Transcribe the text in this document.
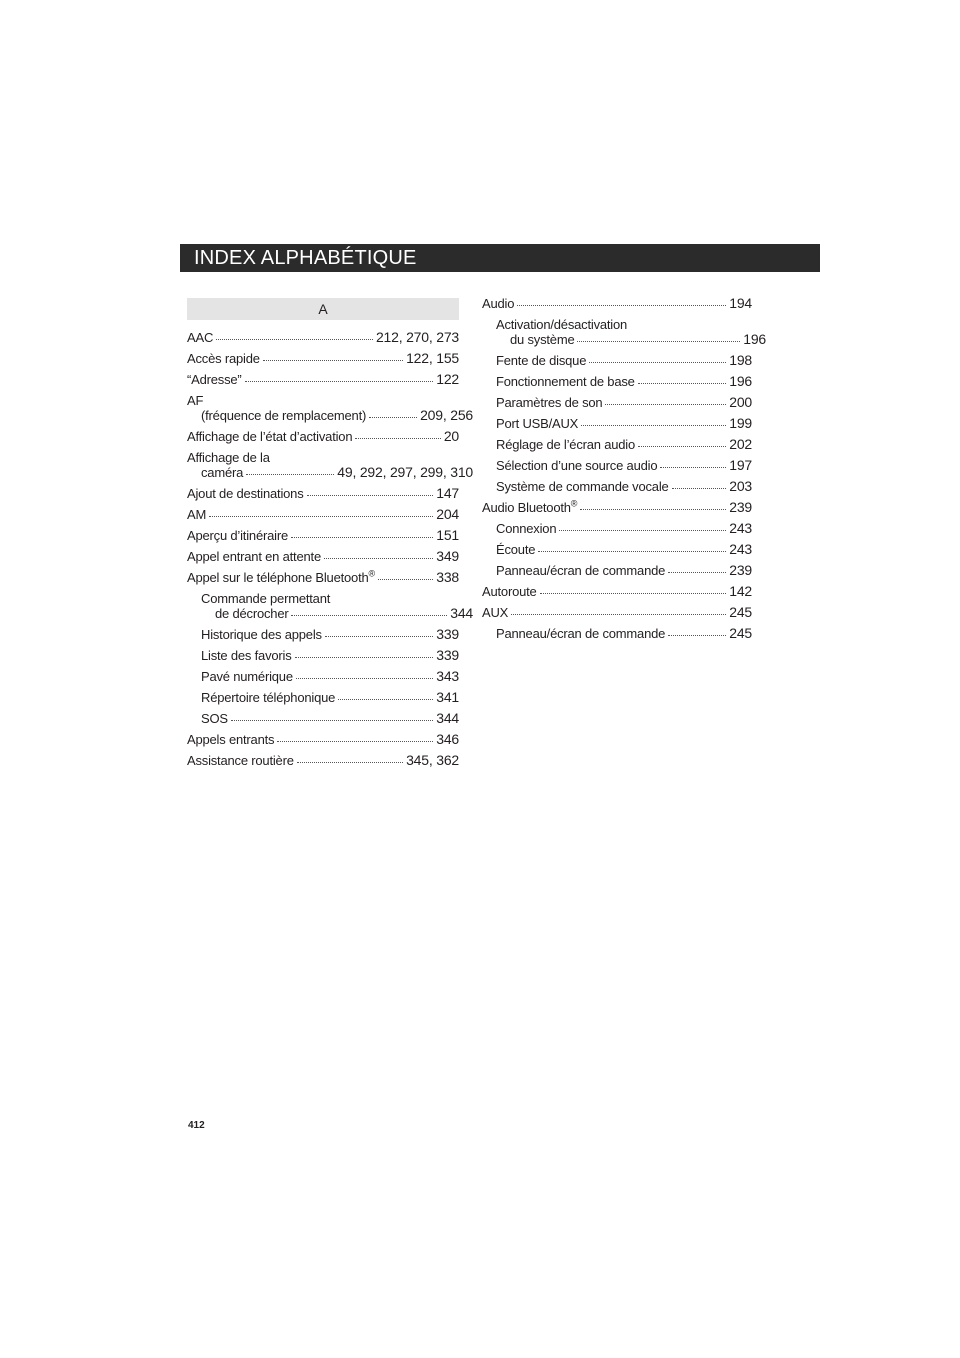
INDEX ALPHABÉTIQUE
A
AAC	212, 270, 273
Accès rapide	122, 155
“Adresse”	122
AF
(fréquence de remplacement)	209, 256
Affichage de l’état d’activation	20
Affichage de la
caméra	49, 292, 297, 299, 310
Ajout de destinations	147
AM	204
Aperçu d’itinéraire	151
Appel entrant en attente	349
Appel sur le téléphone Bluetooth®	338
Commande permettant
de décrocher	344
Historique des appels	339
Liste des favoris	339
Pavé numérique	343
Répertoire téléphonique	341
SOS	344
Appels entrants	346
Assistance routière	345, 362
Audio	194
Activation/désactivation
du système	196
Fente de disque	198
Fonctionnement de base	196
Paramètres de son	200
Port USB/AUX	199
Réglage de l’écran audio	202
Sélection d’une source audio	197
Système de commande vocale	203
Audio Bluetooth®	239
Connexion	243
Écoute	243
Panneau/écran de commande	239
Autoroute	142
AUX	245
Panneau/écran de commande	245
412
